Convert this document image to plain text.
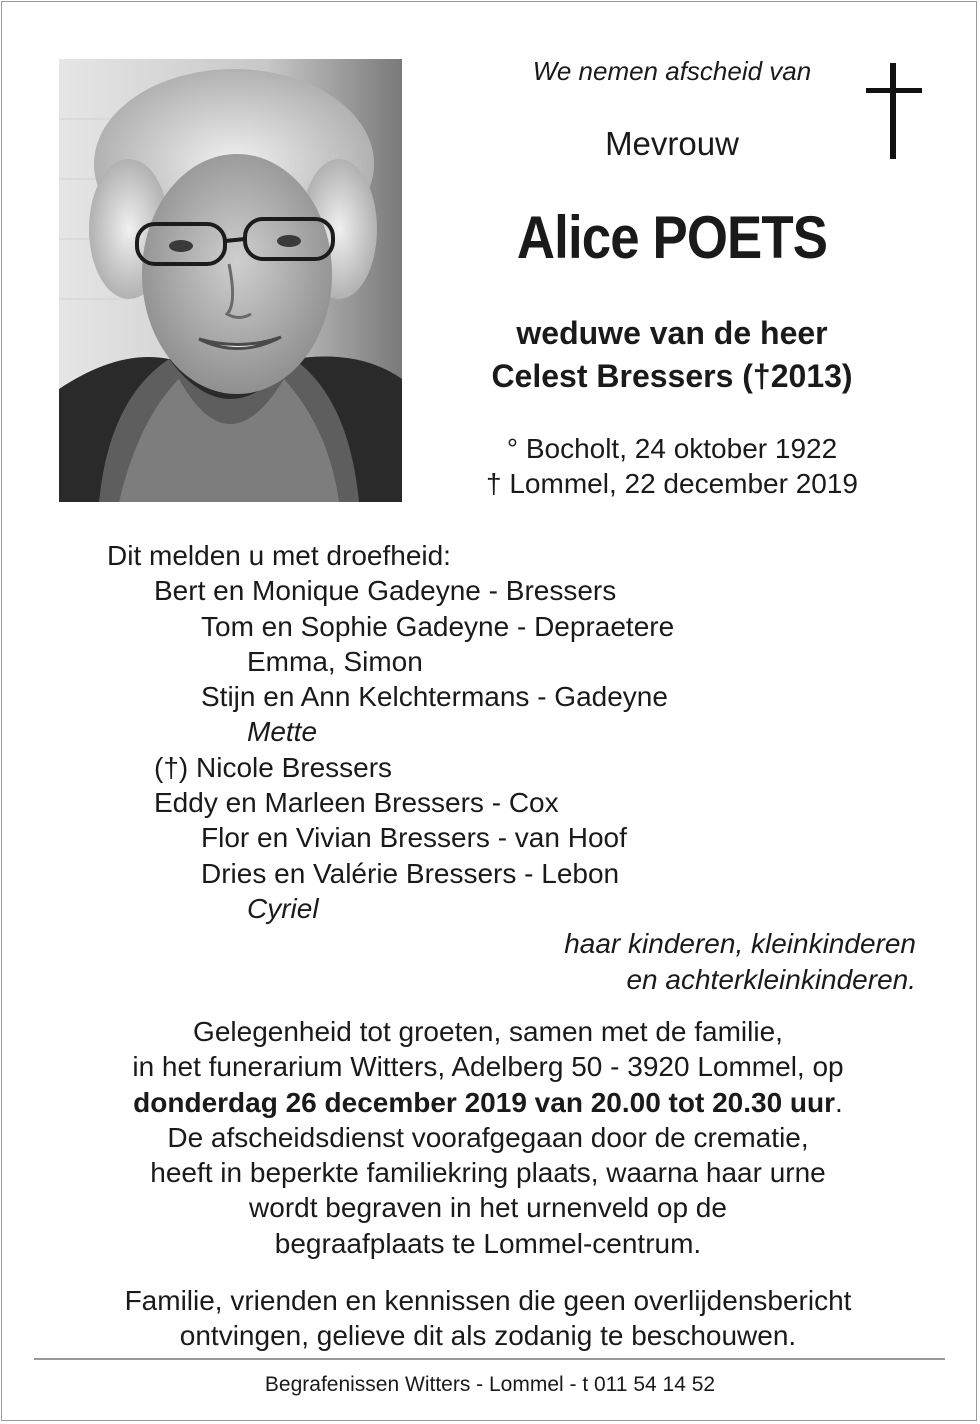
We nemen afscheid van
Mevrouw
Alice POETS
weduwe van de heer
Celest Bressers (†2013)
° Bocholt, 24 oktober 1922
† Lommel, 22 december 2019
Dit melden u met droefheid:
Bert en Monique Gadeyne - Bressers
Tom en Sophie Gadeyne - Depraetere
Emma, Simon
Stijn en Ann Kelchtermans - Gadeyne
Mette
(†) Nicole Bressers
Eddy en Marleen Bressers - Cox
Flor en Vivian Bressers - van Hoof
Dries en Valérie Bressers - Lebon
Cyriel
haar kinderen, kleinkinderen
en achterkleinkinderen.
Gelegenheid tot groeten, samen met de familie,
in het funerarium Witters, Adelberg 50 - 3920 Lommel, op
donderdag 26 december 2019 van 20.00 tot 20.30 uur.
De afscheidsdienst voorafgegaan door de crematie,
heeft in beperkte familiekring plaats, waarna haar urne
wordt begraven in het urnenveld op de
begraafplaats te Lommel-centrum.
Familie, vrienden en kennissen die geen overlijdensbericht
ontvingen, gelieve dit als zodanig te beschouwen.
Begrafenissen Witters - Lommel - t 011 54 14 52
